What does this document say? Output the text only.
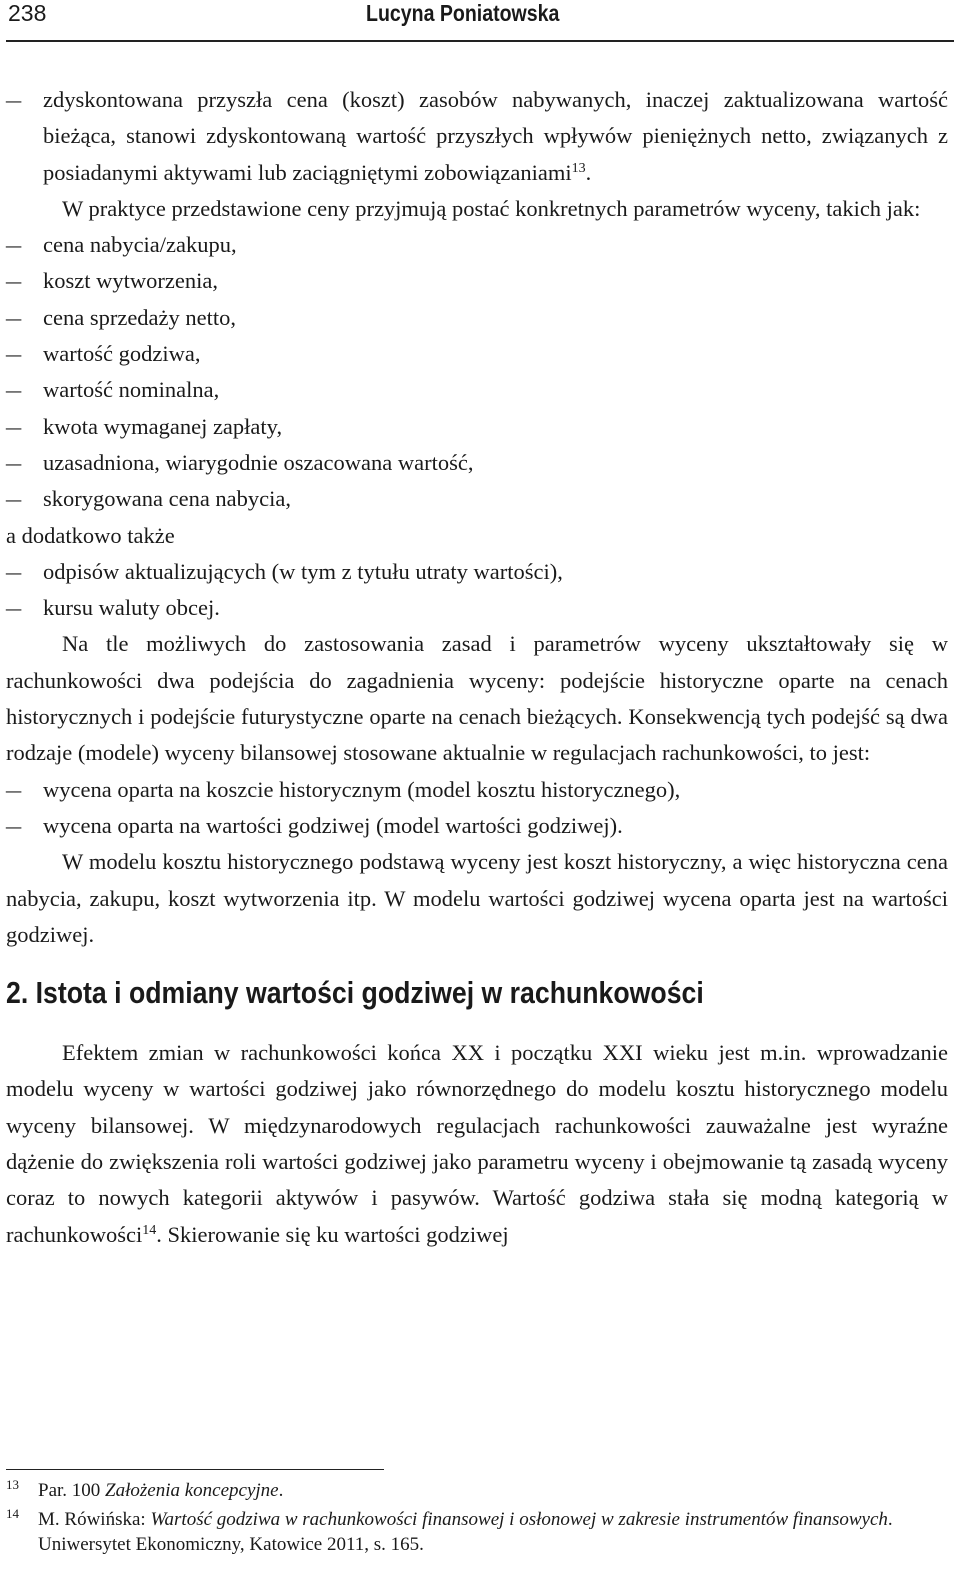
238	Lucyna Poniatowska

– zdyskontowana przyszła cena (koszt) zasobów nabywanych, inaczej zaktualizowana wartość bieżąca, stanowi zdyskontowaną wartość przyszłych wpływów pieniężnych netto, związanych z posiadanymi aktywami lub zaciągniętymi zobowiązaniami$^{13}$.

W praktyce przedstawione ceny przyjmują postać konkretnych parametrów wyceny, takich jak:

– cena nabycia/zakupu,

– koszt wytworzenia,

– cena sprzedaży netto,

– wartość godziwa,

– wartość nominalna,

– kwota wymaganej zapłaty,

– uzasadniona, wiarygodnie oszacowana wartość,

– skorygowana cena nabycia,

a dodatkowo także

– odpisów aktualizujących (w tym z tytułu utraty wartości),

– kursu waluty obcej.

Na tle możliwych do zastosowania zasad i parametrów wyceny ukształtowały się w rachunkowości dwa podejścia do zagadnienia wyceny: podejście historyczne oparte na cenach historycznych i podejście futurystyczne oparte na cenach bieżących. Konsekwencją tych podejść są dwa rodzaje (modele) wyceny bilansowej stosowane aktualnie w regulacjach rachunkowości, to jest:

– wycena oparta na koszcie historycznym (model kosztu historycznego),

– wycena oparta na wartości godziwej (model wartości godziwej).

W modelu kosztu historycznego podstawą wyceny jest koszt historyczny, a więc historyczna cena nabycia, zakupu, koszt wytworzenia itp. W modelu wartości godziwej wycena oparta jest na wartości godziwej.

2. Istota i odmiany wartości godziwej w rachunkowości

Efektem zmian w rachunkowości końca XX i początku XXI wieku jest m.in. wprowadzanie modelu wyceny w wartości godziwej jako równorzędnego do modelu kosztu historycznego modelu wyceny bilansowej. W międzynarodowych regulacjach rachunkowości zauważalne jest wyraźne dążenie do zwiększenia roli wartości godziwej jako parametru wyceny i obejmowanie tą zasadą wyceny coraz to nowych kategorii aktywów i pasywów. Wartość godziwa stała się modną kategorią w rachunkowości$^{14}$. Skierowanie się ku wartości godziwej

13 Par. 100 Założenia koncepcyjne.

14 M. Rówińska: Wartość godziwa w rachunkowości finansowej i osłonowej w zakresie instrumentów finansowych. Uniwersytet Ekonomiczny, Katowice 2011, s. 165.
